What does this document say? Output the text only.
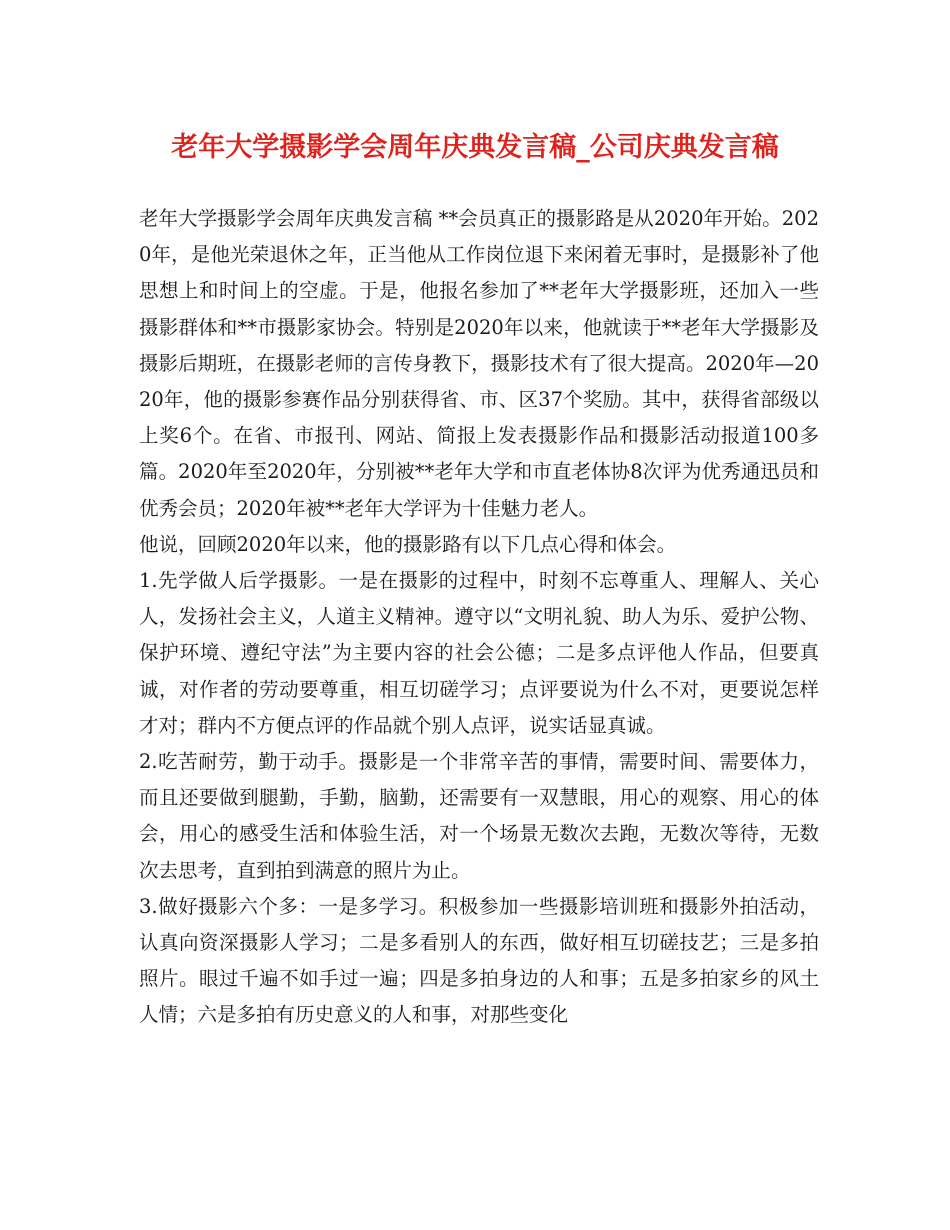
老年大学摄影学会周年庆典发言稿_公司庆典发言稿

老年大学摄影学会周年庆典发言稿 **会员真正的摄影路是从2020年开始。2020年，是他光荣退休之年，正当他从工作岗位退下来闲着无事时，是摄影补了他思想上和时间上的空虚。于是，他报名参加了**老年大学摄影班，还加入一些摄影群体和**市摄影家协会。特别是2020年以来，他就读于**老年大学摄影及摄影后期班，在摄影老师的言传身教下，摄影技术有了很大提高。2020年—2020年，他的摄影参赛作品分别获得省、市、区37个奖励。其中，获得省部级以上奖6个。在省、市报刊、网站、简报上发表摄影作品和摄影活动报道100多篇。2020年至2020年，分别被**老年大学和市直老体协8次评为优秀通迅员和优秀会员；2020年被**老年大学评为十佳魅力老人。

他说，回顾2020年以来，他的摄影路有以下几点心得和体会。

1.先学做人后学摄影。一是在摄影的过程中，时刻不忘尊重人、理解人、关心人，发扬社会主义，人道主义精神。遵守以“文明礼貌、助人为乐、爱护公物、保护环境、遵纪守法”为主要内容的社会公德；二是多点评他人作品，但要真诚，对作者的劳动要尊重，相互切磋学习；点评要说为什么不对，更要说怎样才对；群内不方便点评的作品就个别人点评，说实话显真诚。

2.吃苦耐劳，勤于动手。摄影是一个非常辛苦的事情，需要时间、需要体力，而且还要做到腿勤，手勤，脑勤，还需要有一双慧眼，用心的观察、用心的体会，用心的感受生活和体验生活，对一个场景无数次去跑，无数次等待，无数次去思考，直到拍到满意的照片为止。

3.做好摄影六个多：一是多学习。积极参加一些摄影培训班和摄影外拍活动，认真向资深摄影人学习；二是多看别人的东西，做好相互切磋技艺；三是多拍照片。眼过千遍不如手过一遍；四是多拍身边的人和事；五是多拍家乡的风土人情；六是多拍有历史意义的人和事，对那些变化
